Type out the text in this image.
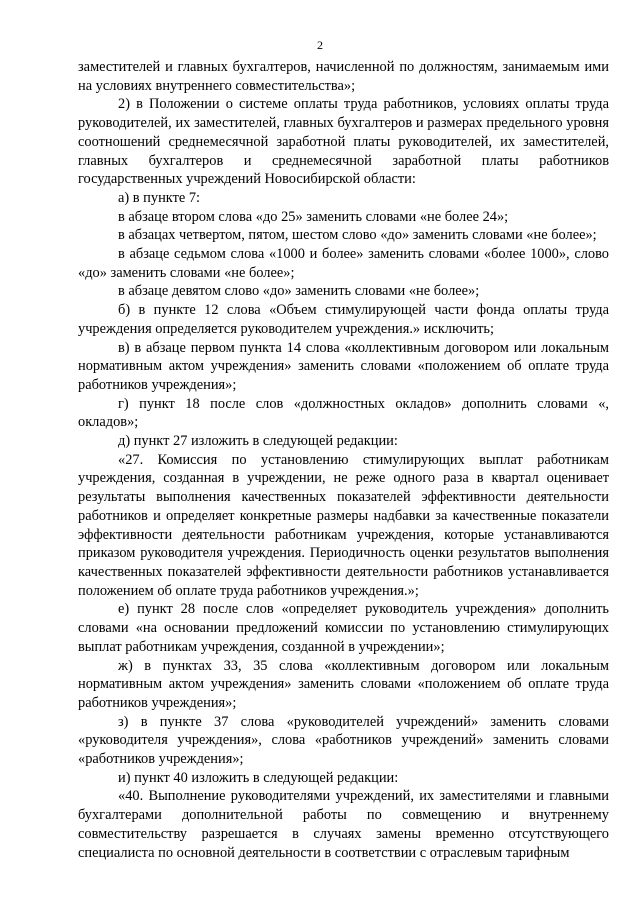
2

заместителей и главных бухгалтеров, начисленной по должностям, занимаемым ими на условиях внутреннего совместительства»;

2) в Положении о системе оплаты труда работников, условиях оплаты труда руководителей, их заместителей, главных бухгалтеров и размерах предельного уровня соотношений среднемесячной заработной платы руководителей, их заместителей, главных бухгалтеров и среднемесячной заработной платы работников государственных учреждений Новосибирской области:

а) в пункте 7:

в абзаце втором слова «до 25» заменить словами «не более 24»;

в абзацах четвертом, пятом, шестом слово «до» заменить словами «не более»;

в абзаце седьмом слова «1000 и более» заменить словами «более 1000», слово «до» заменить словами «не более»;

в абзаце девятом слово «до» заменить словами «не более»;

б) в пункте 12 слова «Объем стимулирующей части фонда оплаты труда учреждения определяется руководителем учреждения.» исключить;

в) в абзаце первом пункта 14 слова «коллективным договором или локальным нормативным актом учреждения» заменить словами «положением об оплате труда работников учреждения»;

г) пункт 18 после слов «должностных окладов» дополнить словами «, окладов»;

д) пункт 27 изложить в следующей редакции:

«27. Комиссия по установлению стимулирующих выплат работникам учреждения, созданная в учреждении, не реже одного раза в квартал оценивает результаты выполнения качественных показателей эффективности деятельности работников и определяет конкретные размеры надбавки за качественные показатели эффективности деятельности работникам учреждения, которые устанавливаются приказом руководителя учреждения. Периодичность оценки результатов выполнения качественных показателей эффективности деятельности работников устанавливается положением об оплате труда работников учреждения.»;

е) пункт 28 после слов «определяет руководитель учреждения» дополнить словами «на основании предложений комиссии по установлению стимулирующих выплат работникам учреждения, созданной в учреждении»;

ж) в пунктах 33, 35 слова «коллективным договором или локальным нормативным актом учреждения» заменить словами «положением об оплате труда работников учреждения»;

з) в пункте 37 слова «руководителей учреждений» заменить словами «руководителя учреждения», слова «работников учреждений» заменить словами «работников учреждения»;

и) пункт 40 изложить в следующей редакции:

«40. Выполнение руководителями учреждений, их заместителями и главными бухгалтерами дополнительной работы по совмещению и внутреннему совместительству разрешается в случаях замены временно отсутствующего специалиста по основной деятельности в соответствии с отраслевым тарифным
